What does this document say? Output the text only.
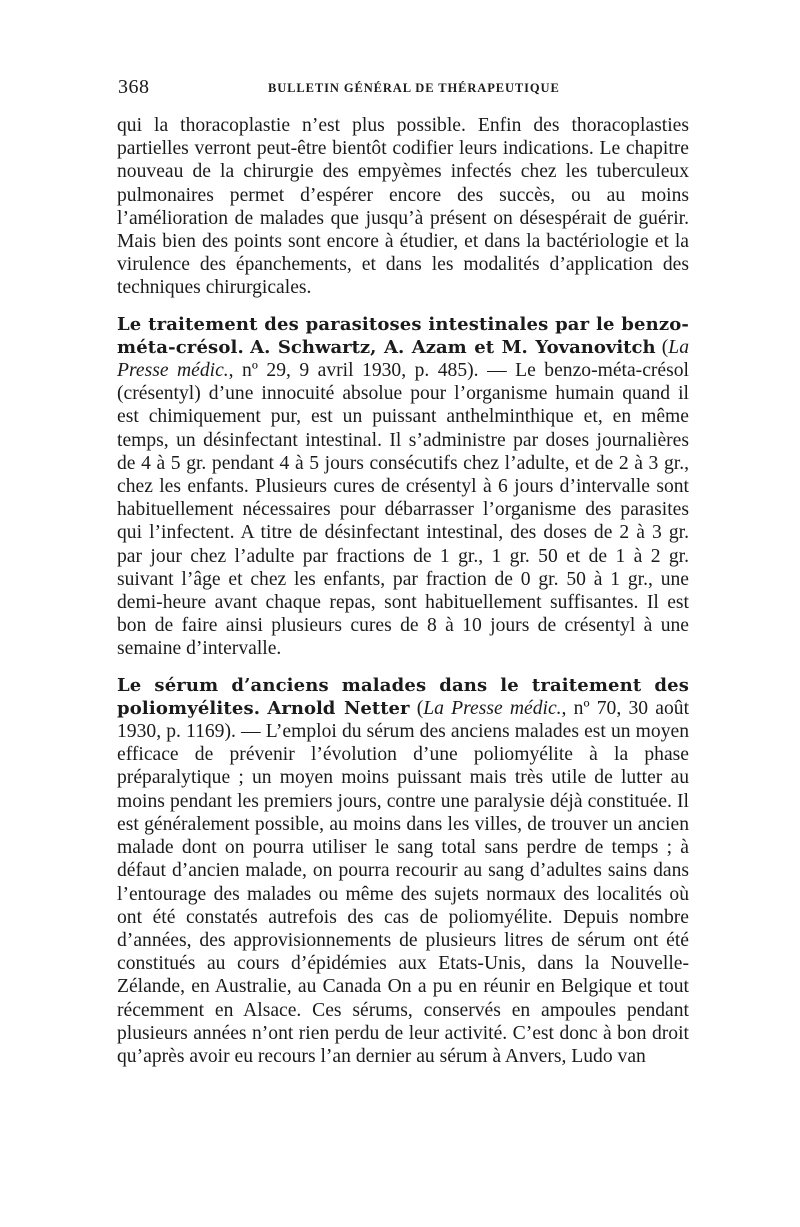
368	BULLETIN GÉNÉRAL DE THÉRAPEUTIQUE

qui la thoracoplastie n’est plus possible. Enfin des thoracoplasties partielles verront peut-être bientôt codifier leurs indications. Le chapitre nouveau de la chirurgie des empyèmes infectés chez les tuberculeux pulmonaires permet d’espérer encore des succès, ou au moins l’amélioration de malades que jusqu’à présent on désespérait de guérir. Mais bien des points sont encore à étudier, et dans la bactériologie et la virulence des épanchements, et dans les modalités d’application des techniques chirurgicales.

Le traitement des parasitoses intestinales par le benzo-méta-crésol. A. Schwartz, A. Azam et M. Yovanovitch (La Presse médic., nº 29, 9 avril 1930, p. 485). — Le benzo-méta-crésol (crésentyl) d’une innocuité absolue pour l’organisme humain quand il est chimiquement pur, est un puissant anthelminthique et, en même temps, un désinfectant intestinal. Il s’administre par doses journalières de 4 à 5 gr. pendant 4 à 5 jours consécutifs chez l’adulte, et de 2 à 3 gr., chez les enfants. Plusieurs cures de crésentyl à 6 jours d’intervalle sont habituellement nécessaires pour débarrasser l’organisme des parasites qui l’infectent. A titre de désinfectant intestinal, des doses de 2 à 3 gr. par jour chez l’adulte par fractions de 1 gr., 1 gr. 50 et de 1 à 2 gr. suivant l’âge et chez les enfants, par fraction de 0 gr. 50 à 1 gr., une demi-heure avant chaque repas, sont habituellement suffisantes. Il est bon de faire ainsi plusieurs cures de 8 à 10 jours de crésentyl à une semaine d’intervalle.

Le sérum d’anciens malades dans le traitement des poliomyélites. Arnold Netter (La Presse médic., nº 70, 30 août 1930, p. 1169). — L’emploi du sérum des anciens malades est un moyen efficace de prévenir l’évolution d’une poliomyélite à la phase préparalytique ; un moyen moins puissant mais très utile de lutter au moins pendant les premiers jours, contre une paralysie déjà constituée. Il est généralement possible, au moins dans les villes, de trouver un ancien malade dont on pourra utiliser le sang total sans perdre de temps ; à défaut d’ancien malade, on pourra recourir au sang d’adultes sains dans l’entourage des malades ou même des sujets normaux des localités où ont été constatés autrefois des cas de poliomyélite. Depuis nombre d’années, des approvisionnements de plusieurs litres de sérum ont été constitués au cours d’épidémies aux Etats-Unis, dans la Nouvelle-Zélande, en Australie, au Canada On a pu en réunir en Belgique et tout récemment en Alsace. Ces sérums, conservés en ampoules pendant plusieurs années n’ont rien perdu de leur activité. C’est donc à bon droit qu’après avoir eu recours l’an dernier au sérum à Anvers, Ludo van
